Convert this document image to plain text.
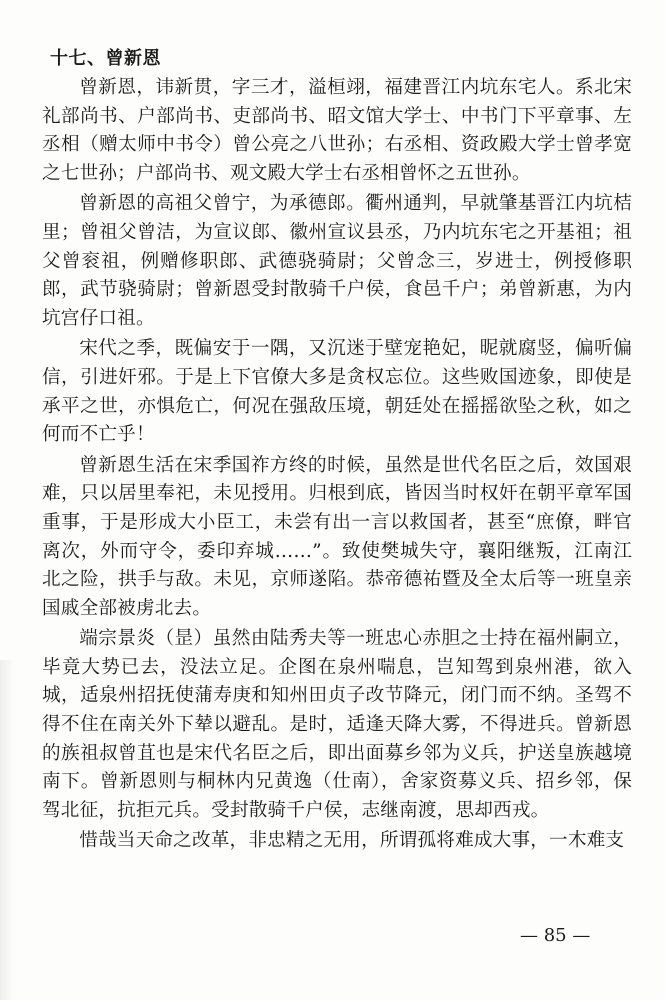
十七、曾新恩

曾新恩，讳新贯，字三才，溢桓翊，福建晋江内坑东宅人。系北宋礼部尚书、户部尚书、吏部尚书、昭文馆大学士、中书门下平章事、左丞相（赠太师中书令）曾公亮之八世孙；右丞相、资政殿大学士曾孝宽之七世孙；户部尚书、观文殿大学士右丞相曾怀之五世孙。

曾新恩的高祖父曾宁，为承德郎。衢州通判，早就肇基晋江内坑桔里；曾祖父曾洁，为宣议郎、徽州宣议县丞，乃内坑东宅之开基祖；祖父曾衮祖，例赠修职郎、武德骁骑尉；父曾念三，岁进士，例授修职郎，武节骁骑尉；曾新恩受封散骑千户侯，食邑千户；弟曾新惠，为内坑宫仔口祖。

宋代之季，既偏安于一隅，又沉迷于壁宠艳妃，昵就腐竖，偏听偏信，引进奸邪。于是上下官僚大多是贪权忘位。这些败国迹象，即使是承平之世，亦惧危亡，何况在强敌压境，朝廷处在摇摇欲坠之秋，如之何而不亡乎！

曾新恩生活在宋季国祚方终的时候，虽然是世代名臣之后，效国艰难，只以居里奉祀，未见授用。归根到底，皆因当时权奸在朝平章军国重事，于是形成大小臣工，未尝有出一言以救国者，甚至“庶僚，畔官离次，外而守令，委印弃城……”。致使樊城失守，襄阳继叛，江南江北之险，拱手与敌。未见，京师遂陷。恭帝德祐暨及全太后等一班皇亲国戚全部被虏北去。

端宗景炎（昰）虽然由陆秀夫等一班忠心赤胆之士持在福州嗣立，毕竟大势已去，没法立足。企图在泉州喘息，岂知驾到泉州港，欲入城，适泉州招抚使蒲寿庚和知州田贞子改节降元，闭门而不纳。圣驾不得不住在南关外下辇以避乱。是时，适逢天降大雾，不得进兵。曾新恩的族祖叔曾苴也是宋代名臣之后，即出面募乡邻为义兵，护送皇族越境南下。曾新恩则与桐林内兄黄逸（仕南），舍家资募义兵、招乡邻，保驾北征，抗拒元兵。受封散骑千户侯，志继南渡，思却西戎。

惜哉当天命之改革，非忠精之无用，所谓孤将难成大事，一木难支

— 85 —
